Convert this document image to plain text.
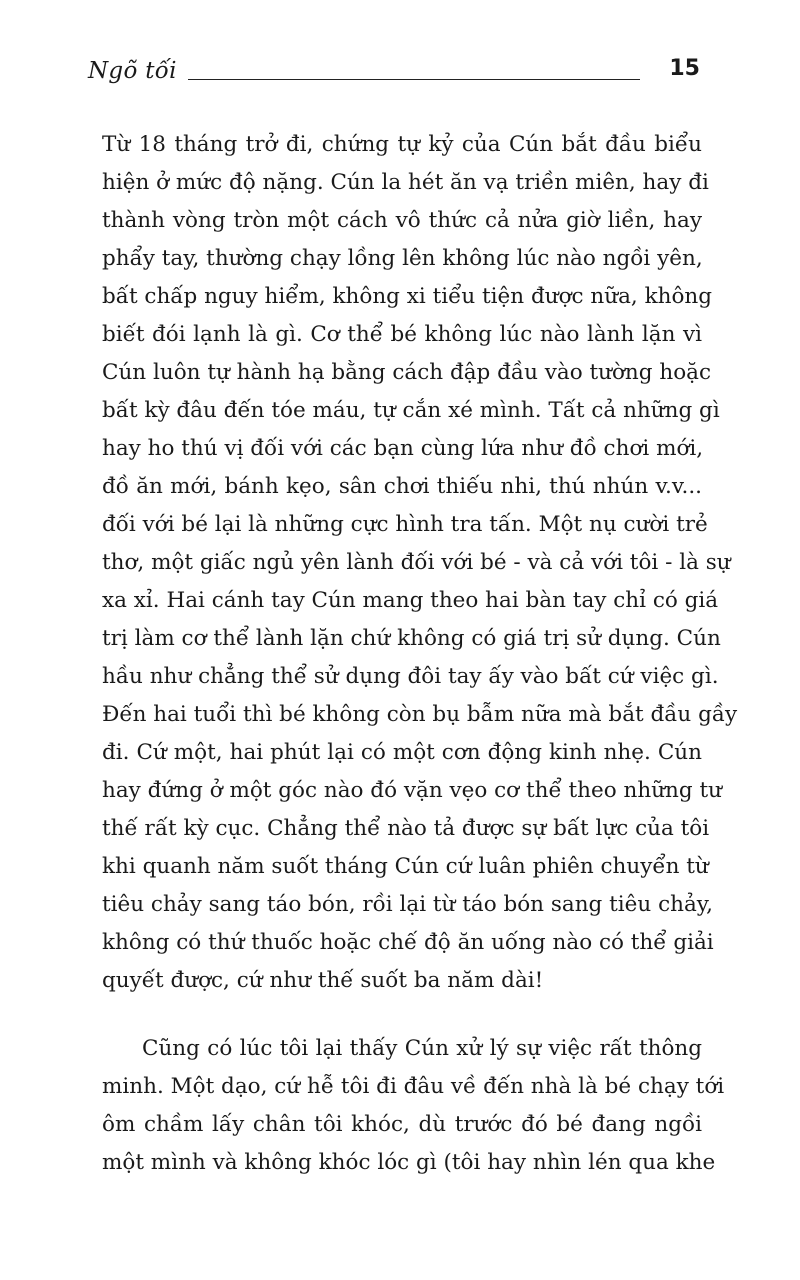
Ngõ tối	15
Từ 18 tháng trở đi, chứng tự kỷ của Cún bắt đầu biểu
hiện ở mức độ nặng. Cún la hét ăn vạ triền miên, hay đi
thành vòng tròn một cách vô thức cả nửa giờ liền, hay
phẩy tay, thường chạy lồng lên không lúc nào ngồi yên,
bất chấp nguy hiểm, không xi tiểu tiện được nữa, không
biết đói lạnh là gì. Cơ thể bé không lúc nào lành lặn vì
Cún luôn tự hành hạ bằng cách đập đầu vào tường hoặc
bất kỳ đâu đến tóe máu, tự cắn xé mình. Tất cả những gì
hay ho thú vị đối với các bạn cùng lứa như đồ chơi mới,
đồ ăn mới, bánh kẹo, sân chơi thiếu nhi, thú nhún v.v...
đối với bé lại là những cực hình tra tấn. Một nụ cười trẻ
thơ, một giấc ngủ yên lành đối với bé - và cả với tôi - là sự
xa xỉ. Hai cánh tay Cún mang theo hai bàn tay chỉ có giá
trị làm cơ thể lành lặn chứ không có giá trị sử dụng. Cún
hầu như chẳng thể sử dụng đôi tay ấy vào bất cứ việc gì.
Đến hai tuổi thì bé không còn bụ bẫm nữa mà bắt đầu gầy
đi. Cứ một, hai phút lại có một cơn động kinh nhẹ. Cún
hay đứng ở một góc nào đó vặn vẹo cơ thể theo những tư
thế rất kỳ cục. Chẳng thể nào tả được sự bất lực của tôi
khi quanh năm suốt tháng Cún cứ luân phiên chuyển từ
tiêu chảy sang táo bón, rồi lại từ táo bón sang tiêu chảy,
không có thứ thuốc hoặc chế độ ăn uống nào có thể giải
quyết được, cứ như thế suốt ba năm dài!
Cũng có lúc tôi lại thấy Cún xử lý sự việc rất thông
minh. Một dạo, cứ hễ tôi đi đâu về đến nhà là bé chạy tới
ôm chầm lấy chân tôi khóc, dù trước đó bé đang ngồi
một mình và không khóc lóc gì (tôi hay nhìn lén qua khe
